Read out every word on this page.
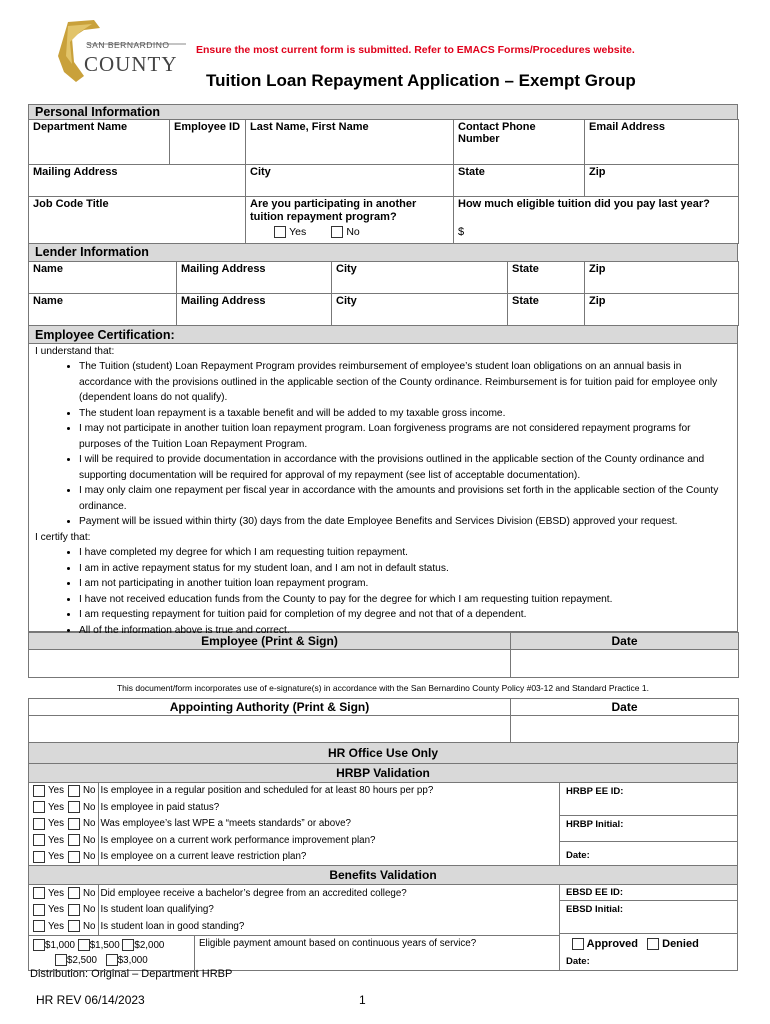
SAN BERNARDINO
COUNTY
Ensure the most current form is submitted. Refer to EMACS Forms/Procedures website.
Tuition Loan Repayment Application – Exempt Group
Personal Information
Department Name	Employee ID	Last Name, First Name	Contact Phone Number	Email Address

Mailing Address		City	State	Zip

Job Code Title		Are you participating in another tuition repayment program?	How much eligible tuition did you pay last year?	
		Yes No	$	
Lender Information
Name	Mailing Address	City	State	Zip

Name	Mailing Address	City	State	Zip

Employee Certification:
I understand that:
• The Tuition (student) Loan Repayment Program provides reimbursement of employee’s student loan obligations on an annual basis in accordance with the provisions outlined in the applicable section of the County ordinance. Reimbursement is for tuition paid for employee only (dependent loans do not qualify).
• The student loan repayment is a taxable benefit and will be added to my taxable gross income.
• I may not participate in another tuition loan repayment program. Loan forgiveness programs are not considered repayment programs for purposes of the Tuition Loan Repayment Program.
• I will be required to provide documentation in accordance with the provisions outlined in the applicable section of the County ordinance and supporting documentation will be required for approval of my repayment (see list of acceptable documentation).
• I may only claim one repayment per fiscal year in accordance with the amounts and provisions set forth in the applicable section of the County ordinance.
• Payment will be issued within thirty (30) days from the date Employee Benefits and Services Division (EBSD) approved your request.
I certify that:
• I have completed my degree for which I am requesting tuition repayment.
• I am in active repayment status for my student loan, and I am not in default status.
• I am not participating in another tuition loan repayment program.
• I have not received education funds from the County to pay for the degree for which I am requesting tuition repayment.
• I am requesting repayment for tuition paid for completion of my degree and not that of a dependent.
• All of the information above is true and correct.
Employee (Print & Sign)	Date

This document/form incorporates use of e-signature(s) in accordance with the San Bernardino County Policy #03-12 and Standard Practice 1.
Appointing Authority (Print & Sign)	Date

HR Office Use Only
HRBP Validation
Yes No Is employee in a regular position and scheduled for at least 80 hours per pp?
Yes No Is employee in paid status?
Yes No Was employee’s last WPE a “meets standards” or above?
Yes No Is employee on a current work performance improvement plan?
Yes No Is employee on a current leave restriction plan?
HRBP EE ID:
HRBP Initial:
Date:
Benefits Validation
Yes No Did employee receive a bachelor’s degree from an accredited college?
Yes No Is student loan qualifying?
Yes No Is student loan in good standing?
$1,000 $1,500 $2,000
$2,500 $3,000
Eligible payment amount based on continuous years of service?
EBSD EE ID:
EBSD Initial:
Approved Denied
Date:
Distribution: Original – Department HRBP
HR REV 06/14/2023	1
